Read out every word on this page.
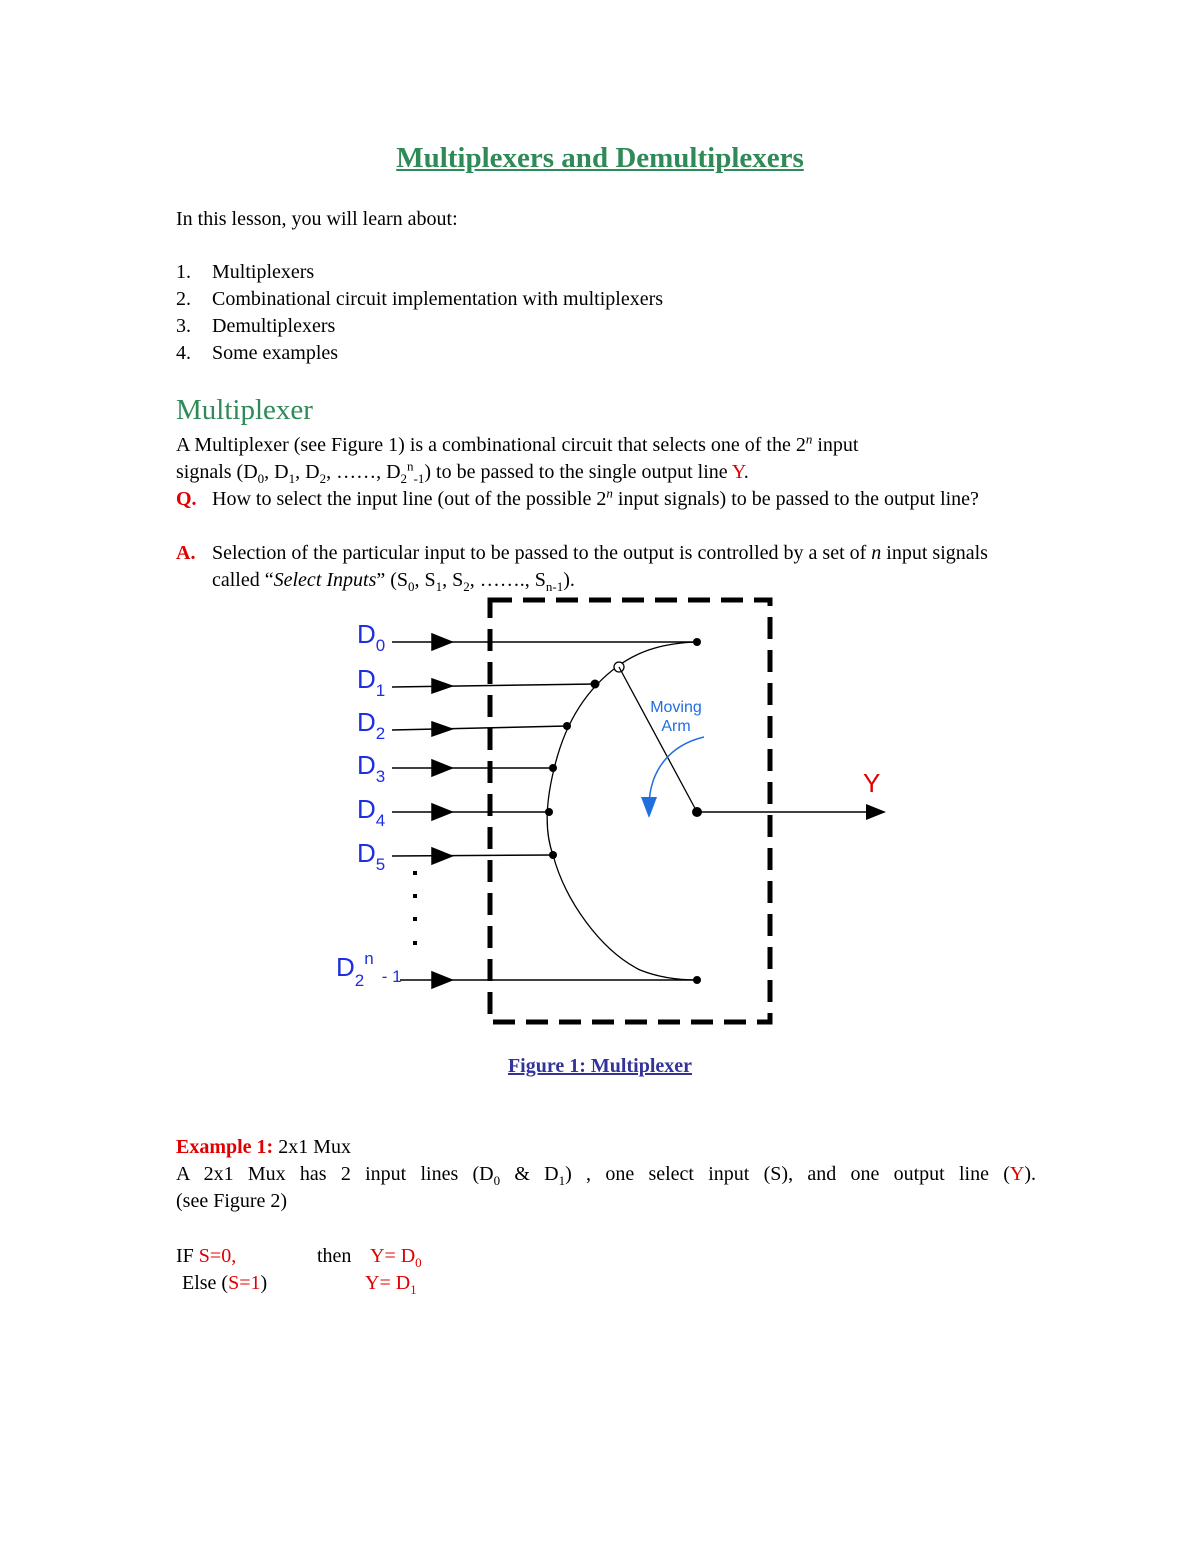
Multiplexers and Demultiplexers
In this lesson, you will learn about:
1. Multiplexers
2. Combinational circuit implementation with multiplexers
3. Demultiplexers
4. Some examples
Multiplexer
A Multiplexer (see Figure 1) is a combinational circuit that selects one of the 2$^n$ input
signals ($D_0$, $D_1$, $D_2$, ……, $D_2^n_{-1}$) to be passed to the single output line Y.
Q. How to select the input line (out of the possible 2$^n$ input signals) to be passed to the output line?
A. Selection of the particular input to be passed to the output is controlled by a set of n input signals called “Select Inputs” ($S_0$, $S_1$, $S_2$, ……., $S_{n-1}$).
$D_0$
$D_1$
$D_2$
$D_3$
$D_4$
$D_5$
$D_2^n_{- 1}$
Moving
Arm
Y
Figure 1: Multiplexer
Example 1: 2x1 Mux
A 2x1 Mux has 2 input lines ($D_0$ & $D_1$) , one select input (S), and one output line (Y).
(see Figure 2)
IF S=0,	then $Y= D_0$
Else (S=1)	$Y= D_1$
